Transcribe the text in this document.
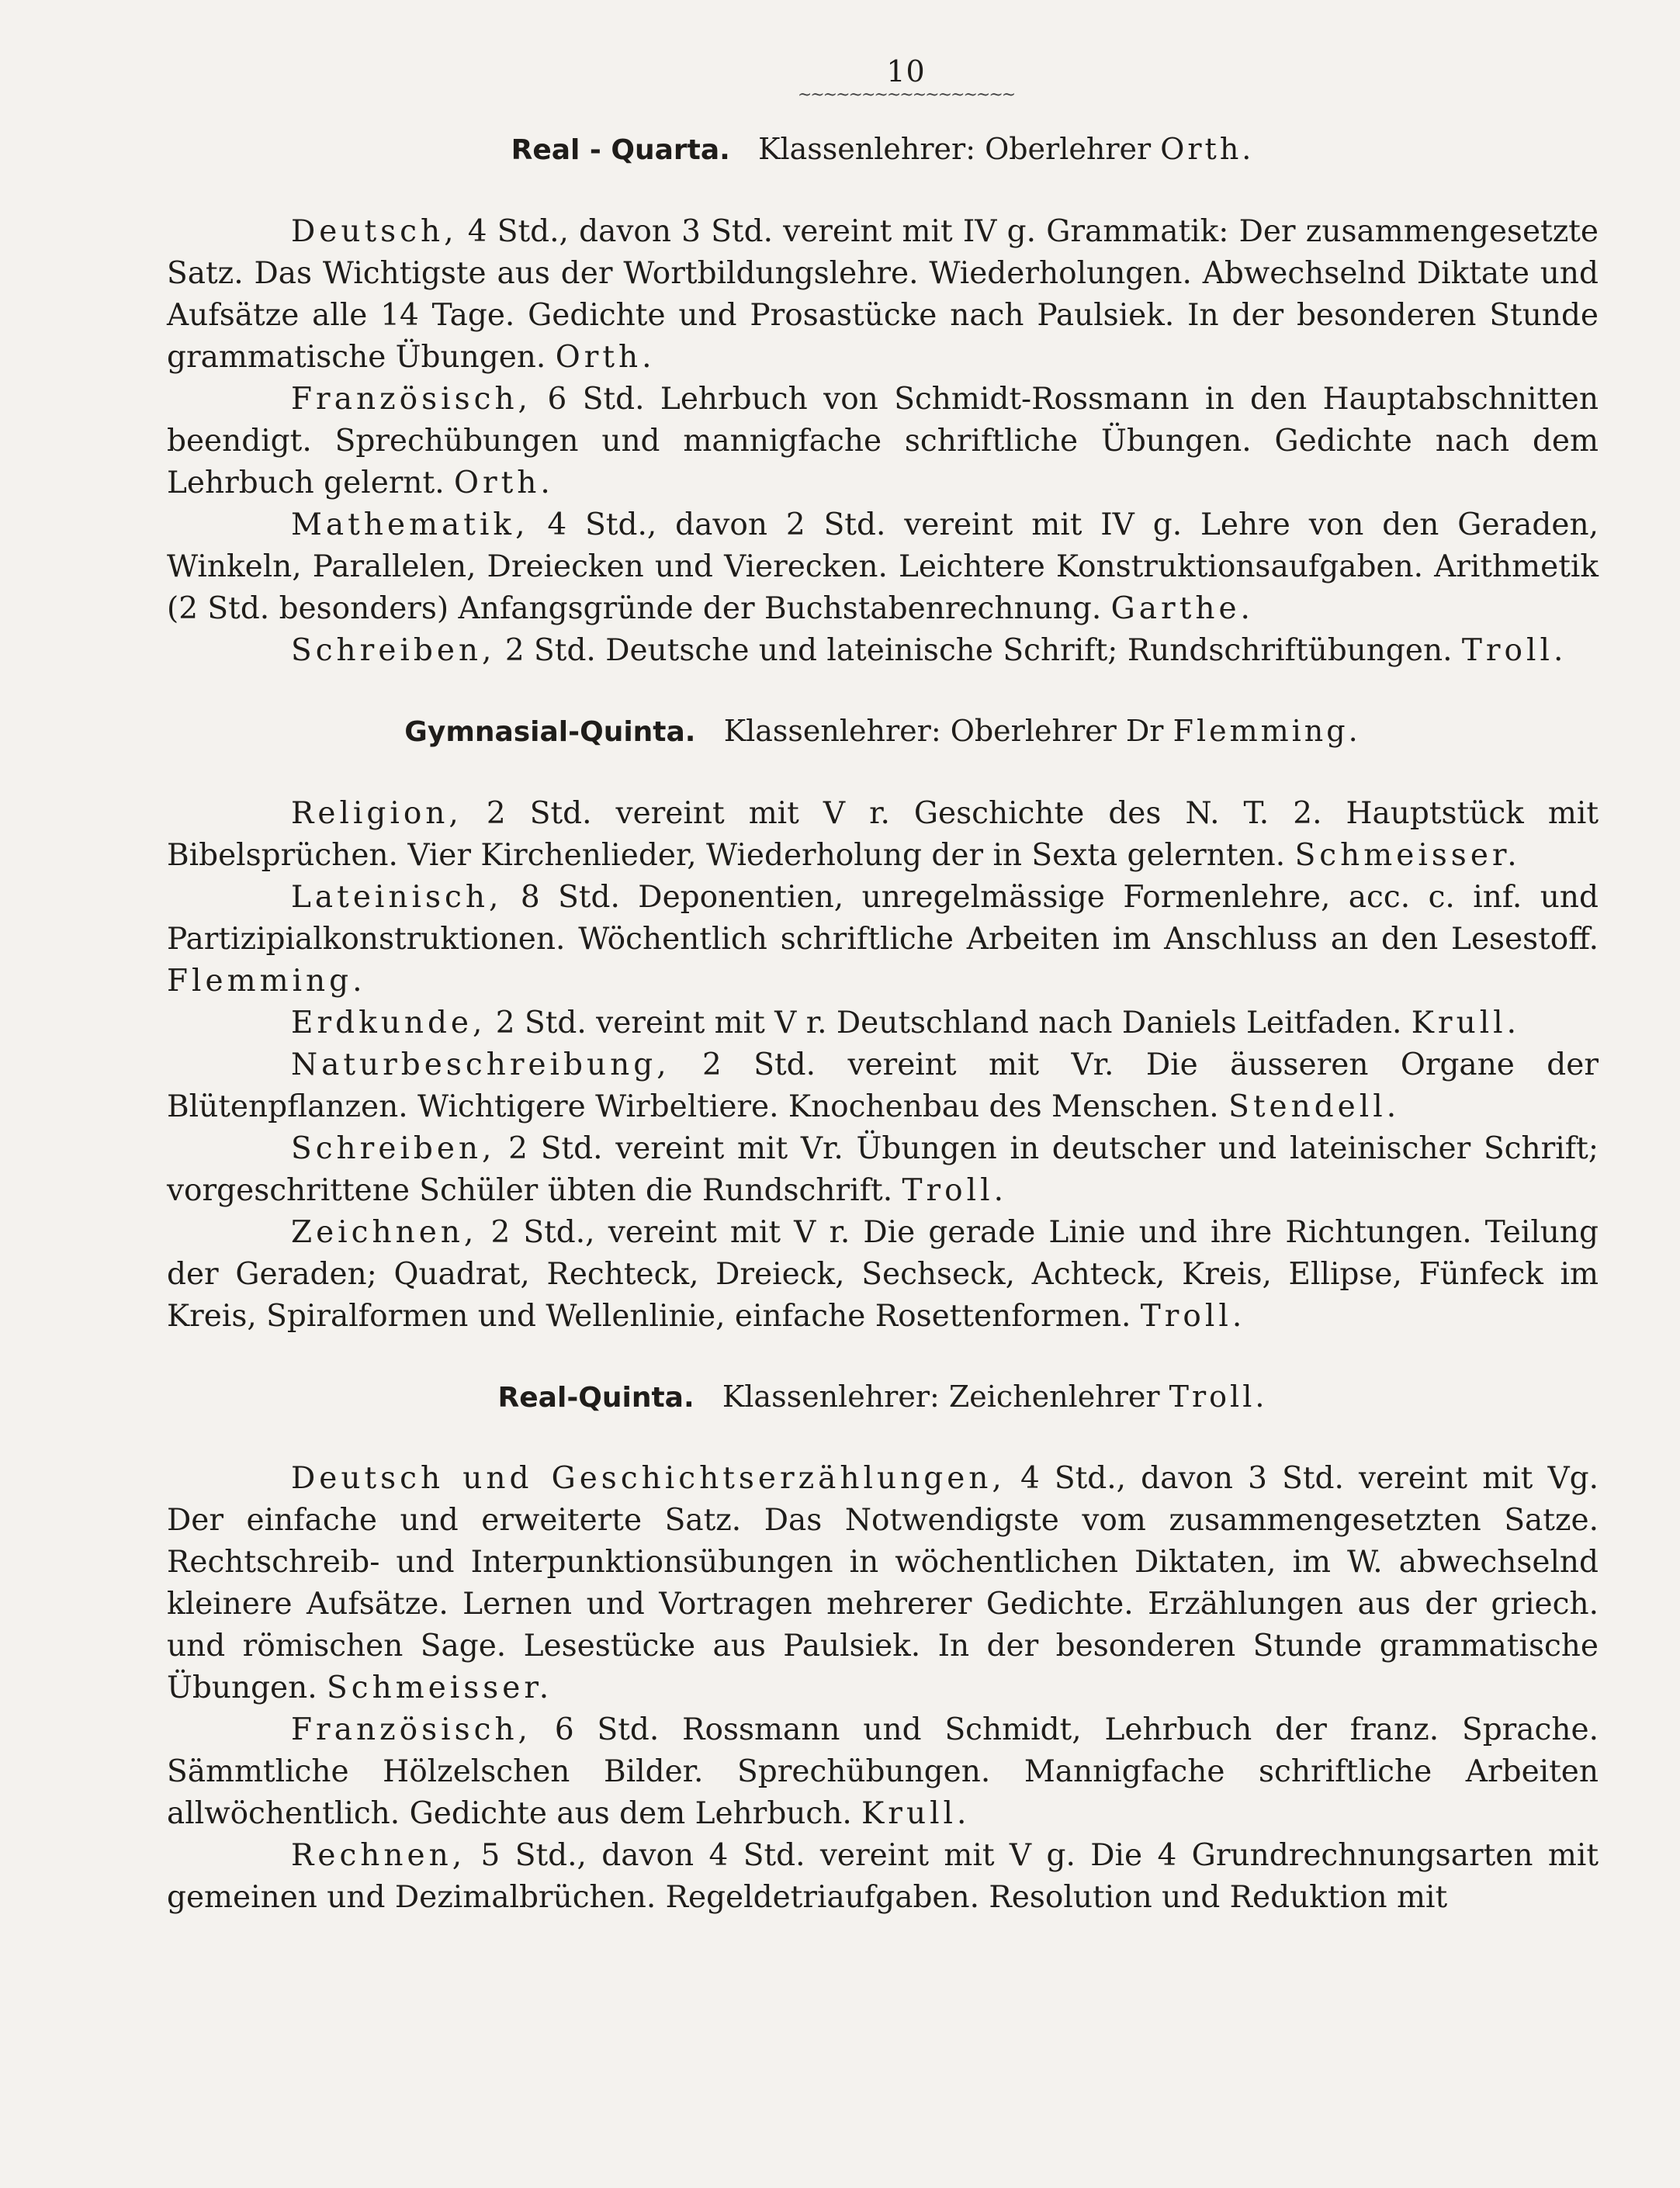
10
~~~~~~~~~~~~~~~~~
Real - Quarta. Klassenlehrer: Oberlehrer Orth.

Deutsch, 4 Std., davon 3 Std. vereint mit IV g. Grammatik: Der zusammengesetzte Satz. Das Wichtigste aus der Wortbildungslehre. Wiederholungen. Abwechselnd Diktate und Aufsätze alle 14 Tage. Gedichte und Prosastücke nach Paulsiek. In der besonderen Stunde grammatische Übungen. Orth.

Französisch, 6 Std. Lehrbuch von Schmidt-Rossmann in den Hauptabschnitten beendigt. Sprechübungen und mannigfache schriftliche Übungen. Gedichte nach dem Lehrbuch gelernt. Orth.

Mathematik, 4 Std., davon 2 Std. vereint mit IV g. Lehre von den Geraden, Winkeln, Parallelen, Dreiecken und Vierecken. Leichtere Konstruktionsaufgaben. Arithmetik (2 Std. besonders) Anfangsgründe der Buchstabenrechnung. Garthe.

Schreiben, 2 Std. Deutsche und lateinische Schrift; Rundschriftübungen. Troll.

Gymnasial-Quinta. Klassenlehrer: Oberlehrer Dr Flemming.

Religion, 2 Std. vereint mit V r. Geschichte des N. T. 2. Hauptstück mit Bibelsprüchen. Vier Kirchenlieder, Wiederholung der in Sexta gelernten. Schmeisser.

Lateinisch, 8 Std. Deponentien, unregelmässige Formenlehre, acc. c. inf. und Partizipialkonstruktionen. Wöchentlich schriftliche Arbeiten im Anschluss an den Lesestoff. Flemming.

Erdkunde, 2 Std. vereint mit V r. Deutschland nach Daniels Leitfaden. Krull.

Naturbeschreibung, 2 Std. vereint mit Vr. Die äusseren Organe der Blütenpflanzen. Wichtigere Wirbeltiere. Knochenbau des Menschen. Stendell.

Schreiben, 2 Std. vereint mit Vr. Übungen in deutscher und lateinischer Schrift; vorgeschrittene Schüler übten die Rundschrift. Troll.

Zeichnen, 2 Std., vereint mit V r. Die gerade Linie und ihre Richtungen. Teilung der Geraden; Quadrat, Rechteck, Dreieck, Sechseck, Achteck, Kreis, Ellipse, Fünfeck im Kreis, Spiralformen und Wellenlinie, einfache Rosettenformen. Troll.

Real-Quinta. Klassenlehrer: Zeichenlehrer Troll.

Deutsch und Geschichtserzählungen, 4 Std., davon 3 Std. vereint mit Vg. Der einfache und erweiterte Satz. Das Notwendigste vom zusammengesetzten Satze. Rechtschreib- und Interpunktionsübungen in wöchentlichen Diktaten, im W. abwechselnd kleinere Aufsätze. Lernen und Vortragen mehrerer Gedichte. Erzählungen aus der griech. und römischen Sage. Lesestücke aus Paulsiek. In der besonderen Stunde grammatische Übungen. Schmeisser.

Französisch, 6 Std. Rossmann und Schmidt, Lehrbuch der franz. Sprache. Sämmtliche Hölzelschen Bilder. Sprechübungen. Mannigfache schriftliche Arbeiten allwöchentlich. Gedichte aus dem Lehrbuch. Krull.

Rechnen, 5 Std., davon 4 Std. vereint mit V g. Die 4 Grundrechnungsarten mit gemeinen und Dezimalbrüchen. Regeldetriaufgaben. Resolution und Reduktion mit
